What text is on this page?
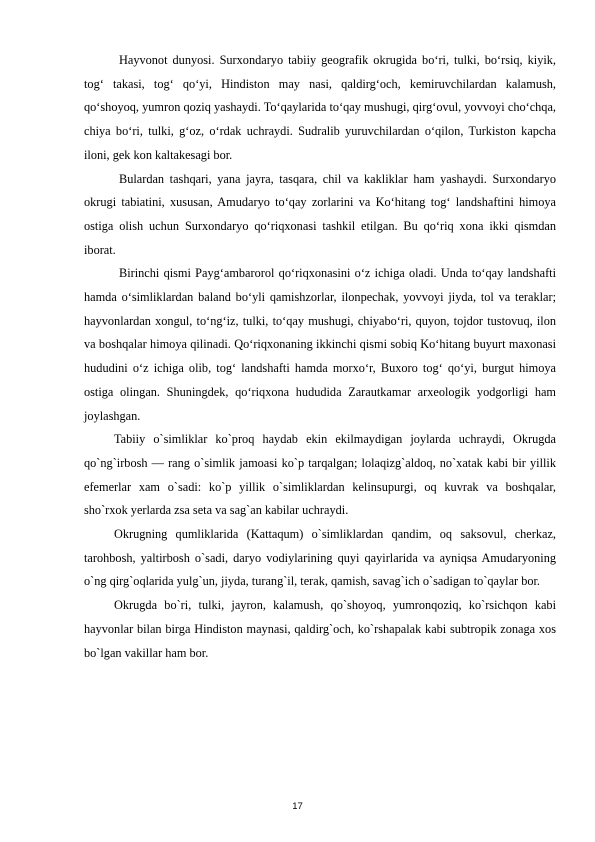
Hayvonot dunyosi. Surxondaryo tabiiy geografik okrugida bo‘ri, tulki, bo‘rsiq, kiyik, tog‘ takasi, tog‘ qo‘yi, Hindiston may nasi, qaldirg‘och, kemiruvchilardan kalamush, qo‘shoyoq, yumron qoziq yashaydi. To‘qaylarida to‘qay mushugi, qirg‘ovul, yovvoyi cho‘chqa, chiya bo‘ri, tulki, g‘oz, o‘rdak uchraydi. Sudralib yuruvchilardan o‘qilon, Turkiston kapcha iloni, gek kon kaltakesagi bor.

Bulardan tashqari, yana jayra, tasqara, chil va kakliklar ham yashaydi. Surxondaryo okrugi tabiatini, xususan, Amudaryo to‘qay zorlarini va Ko‘hitang tog‘ landshaftini himoya ostiga olish uchun Surxondaryo qo‘riqxonasi tashkil etilgan. Bu qo‘riq xona ikki qismdan iborat.

Birinchi qismi Payg‘ambarorol qo‘riqxonasini o‘z ichiga oladi. Unda to‘qay landshafti hamda o‘simliklardan baland bo‘yli qamishzorlar, ilonpechak, yovvoyi jiyda, tol va teraklar; hayvonlardan xongul, to‘ng‘iz, tulki, to‘qay mushugi, chiyabo‘ri, quyon, tojdor tustovuq, ilon va boshqalar himoya qilinadi. Qo‘riqxonaning ikkinchi qismi sobiq Ko‘hitang buyurt maxonasi hududini o‘z ichiga olib, tog‘ landshafti hamda morxo‘r, Buxoro tog‘ qo‘yi, burgut himoya ostiga olingan. Shuningdek, qo‘riqxona hududida Zarautkamar arxeologik yodgorligi ham joylashgan.

Tabiiy o`simliklar ko`proq haydab ekin ekilmaydigan joylarda uchraydi, Okrugda qo`ng`irbosh — rang o`simlik jamoasi ko`p tarqalgan; lolaqizg`aldoq, no`xatak kabi bir yillik efemerlar xam o`sadi: ko`p yillik o`simliklardan kelinsupurgi, oq kuvrak va boshqalar, sho`rxok yerlarda zsa seta va sag`an kabilar uchraydi.

Okrugning qumliklarida (Kattaqum) o`simliklardan qandim, oq saksovul, cherkaz, tarohbosh, yaltirbosh o`sadi, daryo vodiylarining quyi qayirlarida va ayniqsa Amudaryoning o`ng qirg`oqlarida yulg`un, jiyda, turang`il, terak, qamish, savag`ich o`sadigan to`qaylar bor.

Okrugda bo`ri, tulki, jayron, kalamush, qo`shoyoq, yumronqoziq, ko`rsichqon kabi hayvonlar bilan birga Hindiston maynasi, qaldirg`och, ko`rshapalak kabi subtropik zonaga xos bo`lgan vakillar ham bor.

17
